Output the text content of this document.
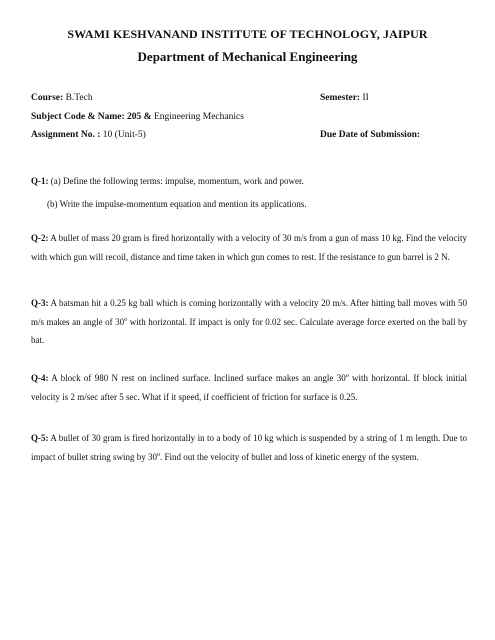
SWAMI KESHVANAND INSTITUTE OF TECHNOLOGY, JAIPUR
Department of Mechanical Engineering
Course: B.Tech	Semester: II
Subject Code & Name: 205 & Engineering Mechanics
Assignment No. : 10 (Unit-5)	Due Date of Submission:
Q-1: (a) Define the following terms: impulse, momentum, work and power.
(b) Write the impulse-momentum equation and mention its applications.
Q-2: A bullet of mass 20 gram is fired horizontally with a velocity of 30 m/s from a gun of mass 10 kg. Find the velocity with which gun will recoil, distance and time taken in which gun comes to rest. If the resistance to gun barrel is 2 N.
Q-3: A batsman hit a 0.25 kg ball which is coming horizontally with a velocity 20 m/s. After hitting ball moves with 50 m/s makes an angle of 30$^o$ with horizontal. If impact is only for 0.02 sec. Calculate average force exerted on the ball by bat.
Q-4: A block of 980 N rest on inclined surface. Inclined surface makes an angle 30$^o$ with horizontal. If block initial velocity is 2 m/sec after 5 sec. What if it speed, if coefficient of friction for surface is 0.25.
Q-5: A bullet of 30 gram is fired horizontally in to a body of 10 kg which is suspended by a string of 1 m length. Due to impact of bullet string swing by 30$^o$. Find out the velocity of bullet and loss of kinetic energy of the system.
